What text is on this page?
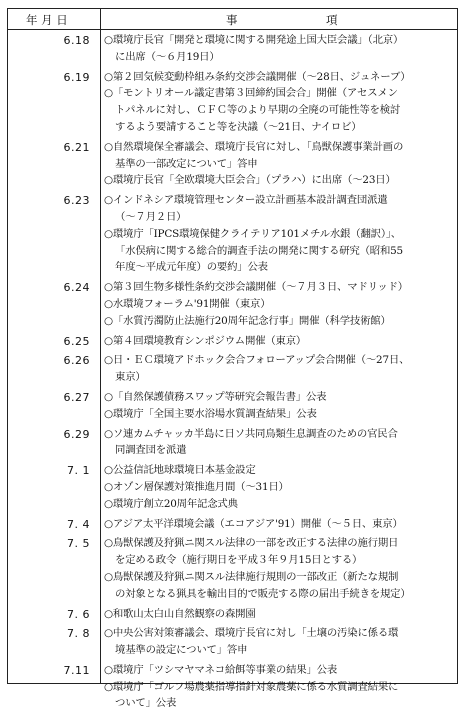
年 月 日	事	項
6.18 ○環境庁長官「開発と環境に関する開発途上国大臣会議」（北京）
に出席（～６月19日）
6.19 ○第２回気候変動枠組み条約交渉会議開催（～28日、ジュネーブ）
○「モントリオール議定書第３回締約国会合」開催（アセスメン
トパネルに対し、ＣＦＣ等のより早期の全廃の可能性等を検討
するよう要請すること等を決議（～21日、ナイロビ）
6.21 ○自然環境保全審議会、環境庁長官に対し、「鳥獣保護事業計画の
基準の一部改定について」答申
○環境庁長官「全欧環境大臣会合」（プラハ）に出席（～23日）
6.23 ○インドネシア環境管理センター設立計画基本設計調査団派遣
（～７月２日）
○環境庁「IPCS環境保健クライテリア101メチル水銀（翻訳）」、
「水俣病に関する総合的調査手法の開発に関する研究（昭和55
年度～平成元年度）の要約」公表
6.24 ○第３回生物多様性条約交渉会議開催（～７月３日、マドリッド）
○水環境フォーラム'91開催（東京）
○「水質汚濁防止法施行20周年記念行事」開催（科学技術館）
6.25 ○第４回環境教育シンポジウム開催（東京）
6.26 ○日・ＥＣ環境アドホック会合フォローアップ会合開催（～27日、
東京）
6.27 ○「自然保護債務スワップ等研究会報告書」公表
○環境庁「全国主要水浴場水質調査結果」公表
6.29 ○ソ連カムチャッカ半島に日ソ共同鳥類生息調査のための官民合
同調査団を派遣
7. 1 ○公益信託地球環境日本基金設定
○オゾン層保護対策推進月間（～31日）
○環境庁創立20周年記念式典
7. 4 ○アジア太平洋環境会議（エコアジア'91）開催（～５日、東京）
7. 5 ○鳥獣保護及狩猟ニ関スル法律の一部を改正する法律の施行期日
を定める政令（施行期日を平成３年９月15日とする）
○鳥獣保護及狩猟ニ関スル法律施行規則の一部改正（新たな規制
の対象となる猟具を輸出目的で販売する際の届出手続きを規定）
7. 6 ○和歌山太白山自然観察の森開園
7. 8 ○中央公害対策審議会、環境庁長官に対し「土壌の汚染に係る環
境基準の設定について」答申
7.11 ○環境庁「ツシマヤマネコ給餌等事業の結果」公表
○環境庁「ゴルフ場農薬指導指針対象農薬に係る水質調査結果に
ついて」公表
